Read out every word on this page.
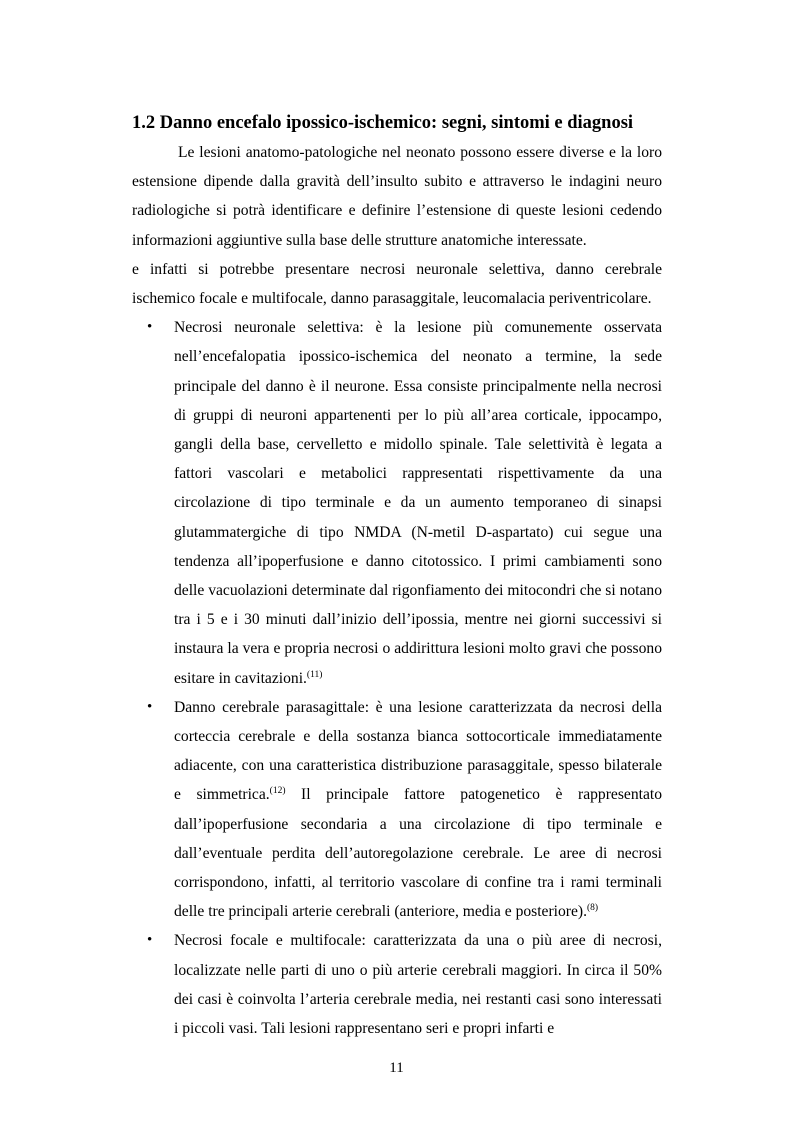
1.2 Danno encefalo ipossico-ischemico: segni, sintomi e diagnosi

Le lesioni anatomo-patologiche nel neonato possono essere diverse e la loro estensione dipende dalla gravità dell’insulto subito e attraverso le indagini neuro radiologiche si potrà identificare e definire l’estensione di queste lesioni cedendo informazioni aggiuntive sulla base delle strutture anatomiche interessate.

e infatti si potrebbe presentare necrosi neuronale selettiva, danno cerebrale ischemico focale e multifocale, danno parasaggitale, leucomalacia periventricolare.

• Necrosi neuronale selettiva: è la lesione più comunemente osservata nell’encefalopatia ipossico-ischemica del neonato a termine, la sede principale del danno è il neurone. Essa consiste principalmente nella necrosi di gruppi di neuroni appartenenti per lo più all’area corticale, ippocampo, gangli della base, cervelletto e midollo spinale. Tale selettività è legata a fattori vascolari e metabolici rappresentati rispettivamente da una circolazione di tipo terminale e da un aumento temporaneo di sinapsi glutammatergiche di tipo NMDA (N-metil D-aspartato) cui segue una tendenza all’ipoperfusione e danno citotossico. I primi cambiamenti sono delle vacuolazioni determinate dal rigonfiamento dei mitocondri che si notano tra i 5 e i 30 minuti dall’inizio dell’ipossia, mentre nei giorni successivi si instaura la vera e propria necrosi o addirittura lesioni molto gravi che possono esitare in cavitazioni.$^{(11)}$
• Danno cerebrale parasagittale: è una lesione caratterizzata da necrosi della corteccia cerebrale e della sostanza bianca sottocorticale immediatamente adiacente, con una caratteristica distribuzione parasaggitale, spesso bilaterale e simmetrica.$^{(12)}$ Il principale fattore patogenetico è rappresentato dall’ipoperfusione secondaria a una circolazione di tipo terminale e dall’eventuale perdita dell’autoregolazione cerebrale. Le aree di necrosi corrispondono, infatti, al territorio vascolare di confine tra i rami terminali delle tre principali arterie cerebrali (anteriore, media e posteriore).$^{(8)}$
• Necrosi focale e multifocale: caratterizzata da una o più aree di necrosi, localizzate nelle parti di uno o più arterie cerebrali maggiori. In circa il 50% dei casi è coinvolta l’arteria cerebrale media, nei restanti casi sono interessati i piccoli vasi. Tali lesioni rappresentano seri e propri infarti e
11
